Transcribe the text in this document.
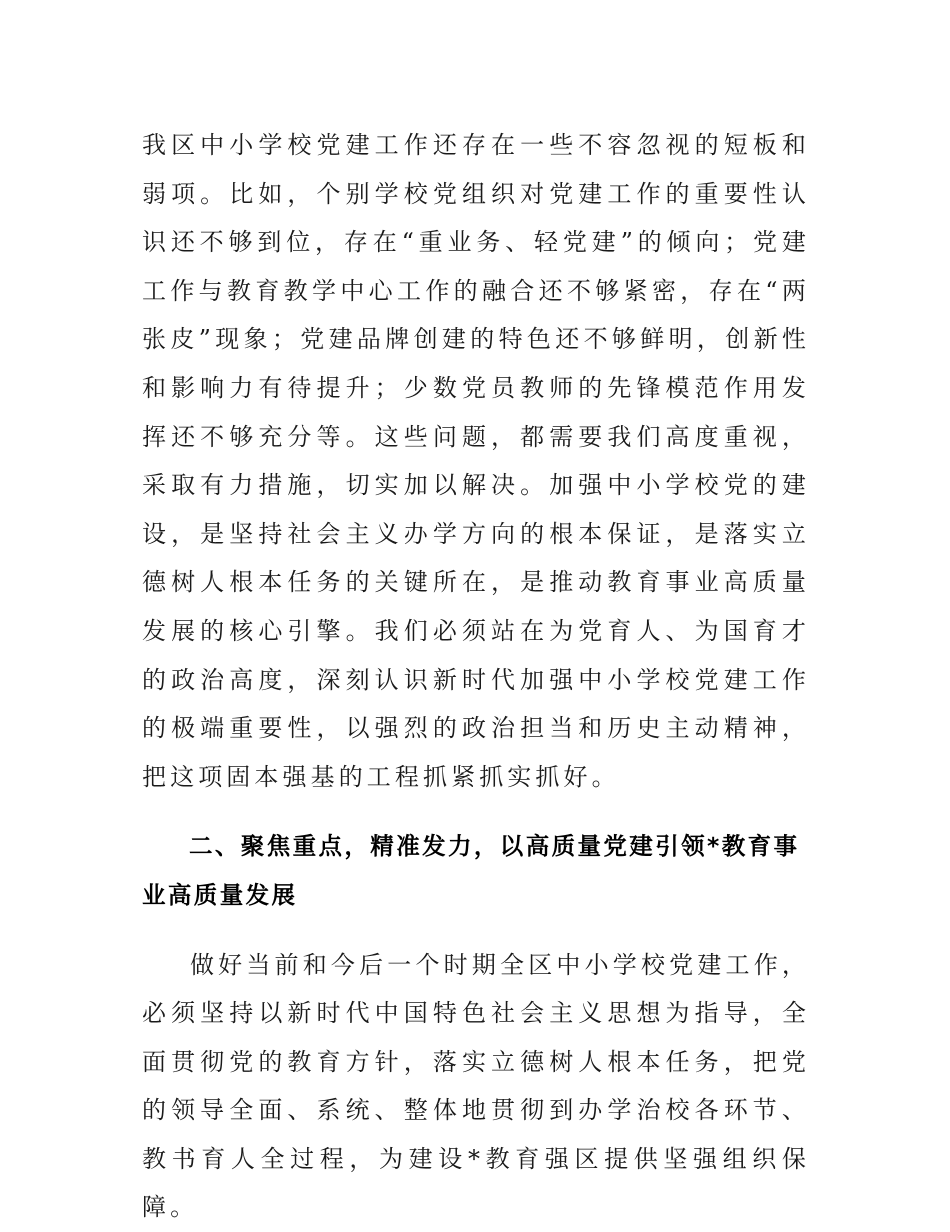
我区中小学校党建工作还存在一些不容忽视的短板和弱项。比如，个别学校党组织对党建工作的重要性认识还不够到位，存在“重业务、轻党建”的倾向；党建工作与教育教学中心工作的融合还不够紧密，存在“两张皮”现象；党建品牌创建的特色还不够鲜明，创新性和影响力有待提升；少数党员教师的先锋模范作用发挥还不够充分等。这些问题，都需要我们高度重视，采取有力措施，切实加以解决。加强中小学校党的建设，是坚持社会主义办学方向的根本保证，是落实立德树人根本任务的关键所在，是推动教育事业高质量发展的核心引擎。我们必须站在为党育人、为国育才的政治高度，深刻认识新时代加强中小学校党建工作的极端重要性，以强烈的政治担当和历史主动精神，把这项固本强基的工程抓紧抓实抓好。

二、聚焦重点，精准发力，以高质量党建引领*教育事业高质量发展

做好当前和今后一个时期全区中小学校党建工作，必须坚持以新时代中国特色社会主义思想为指导，全面贯彻党的教育方针，落实立德树人根本任务，把党的领导全面、系统、整体地贯彻到办学治校各环节、教书育人全过程，为建设*教育强区提供坚强组织保障。
